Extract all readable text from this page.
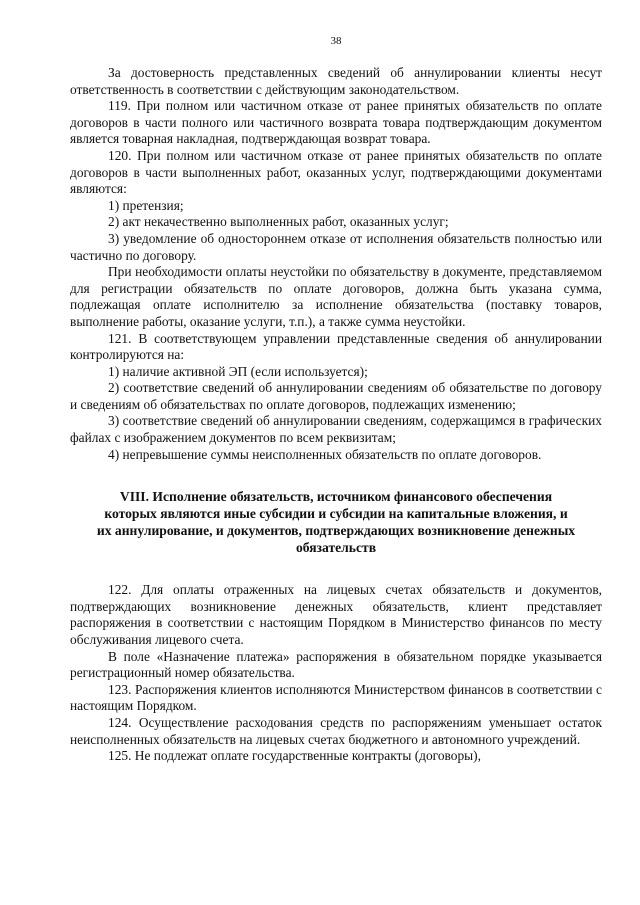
38

За достоверность представленных сведений об аннулировании клиенты несут ответственность в соответствии с действующим законодательством.

119. При полном или частичном отказе от ранее принятых обязательств по оплате договоров в части полного или частичного возврата товара подтверждающим документом является товарная накладная, подтверждающая возврат товара.

120. При полном или частичном отказе от ранее принятых обязательств по оплате договоров в части выполненных работ, оказанных услуг, подтверждающими документами являются:

1) претензия;

2) акт некачественно выполненных работ, оказанных услуг;

3) уведомление об одностороннем отказе от исполнения обязательств полностью или частично по договору.

При необходимости оплаты неустойки по обязательству в документе, представляемом для регистрации обязательств по оплате договоров, должна быть указана сумма, подлежащая оплате исполнителю за исполнение обязательства (поставку товаров, выполнение работы, оказание услуги, т.п.), а также сумма неустойки.

121. В соответствующем управлении представленные сведения об аннулировании контролируются на:

1) наличие активной ЭП (если используется);

2) соответствие сведений об аннулировании сведениям об обязательстве по договору и сведениям об обязательствах по оплате договоров, подлежащих изменению;

3) соответствие сведений об аннулировании сведениям, содержащимся в графических файлах с изображением документов по всем реквизитам;

4) непревышение суммы неисполненных обязательств по оплате договоров.

VIII. Исполнение обязательств, источником финансового обеспечения
которых являются иные субсидии и субсидии на капитальные вложения, и
их аннулирование, и документов, подтверждающих возникновение денежных
обязательств

122. Для оплаты отраженных на лицевых счетах обязательств и документов, подтверждающих возникновение денежных обязательств, клиент представляет распоряжения в соответствии с настоящим Порядком в Министерство финансов по месту обслуживания лицевого счета.

В поле «Назначение платежа» распоряжения в обязательном порядке указывается регистрационный номер обязательства.

123. Распоряжения клиентов исполняются Министерством финансов в соответствии с настоящим Порядком.

124. Осуществление расходования средств по распоряжениям уменьшает остаток неисполненных обязательств на лицевых счетах бюджетного и автономного учреждений.

125. Не подлежат оплате государственные контракты (договоры),
